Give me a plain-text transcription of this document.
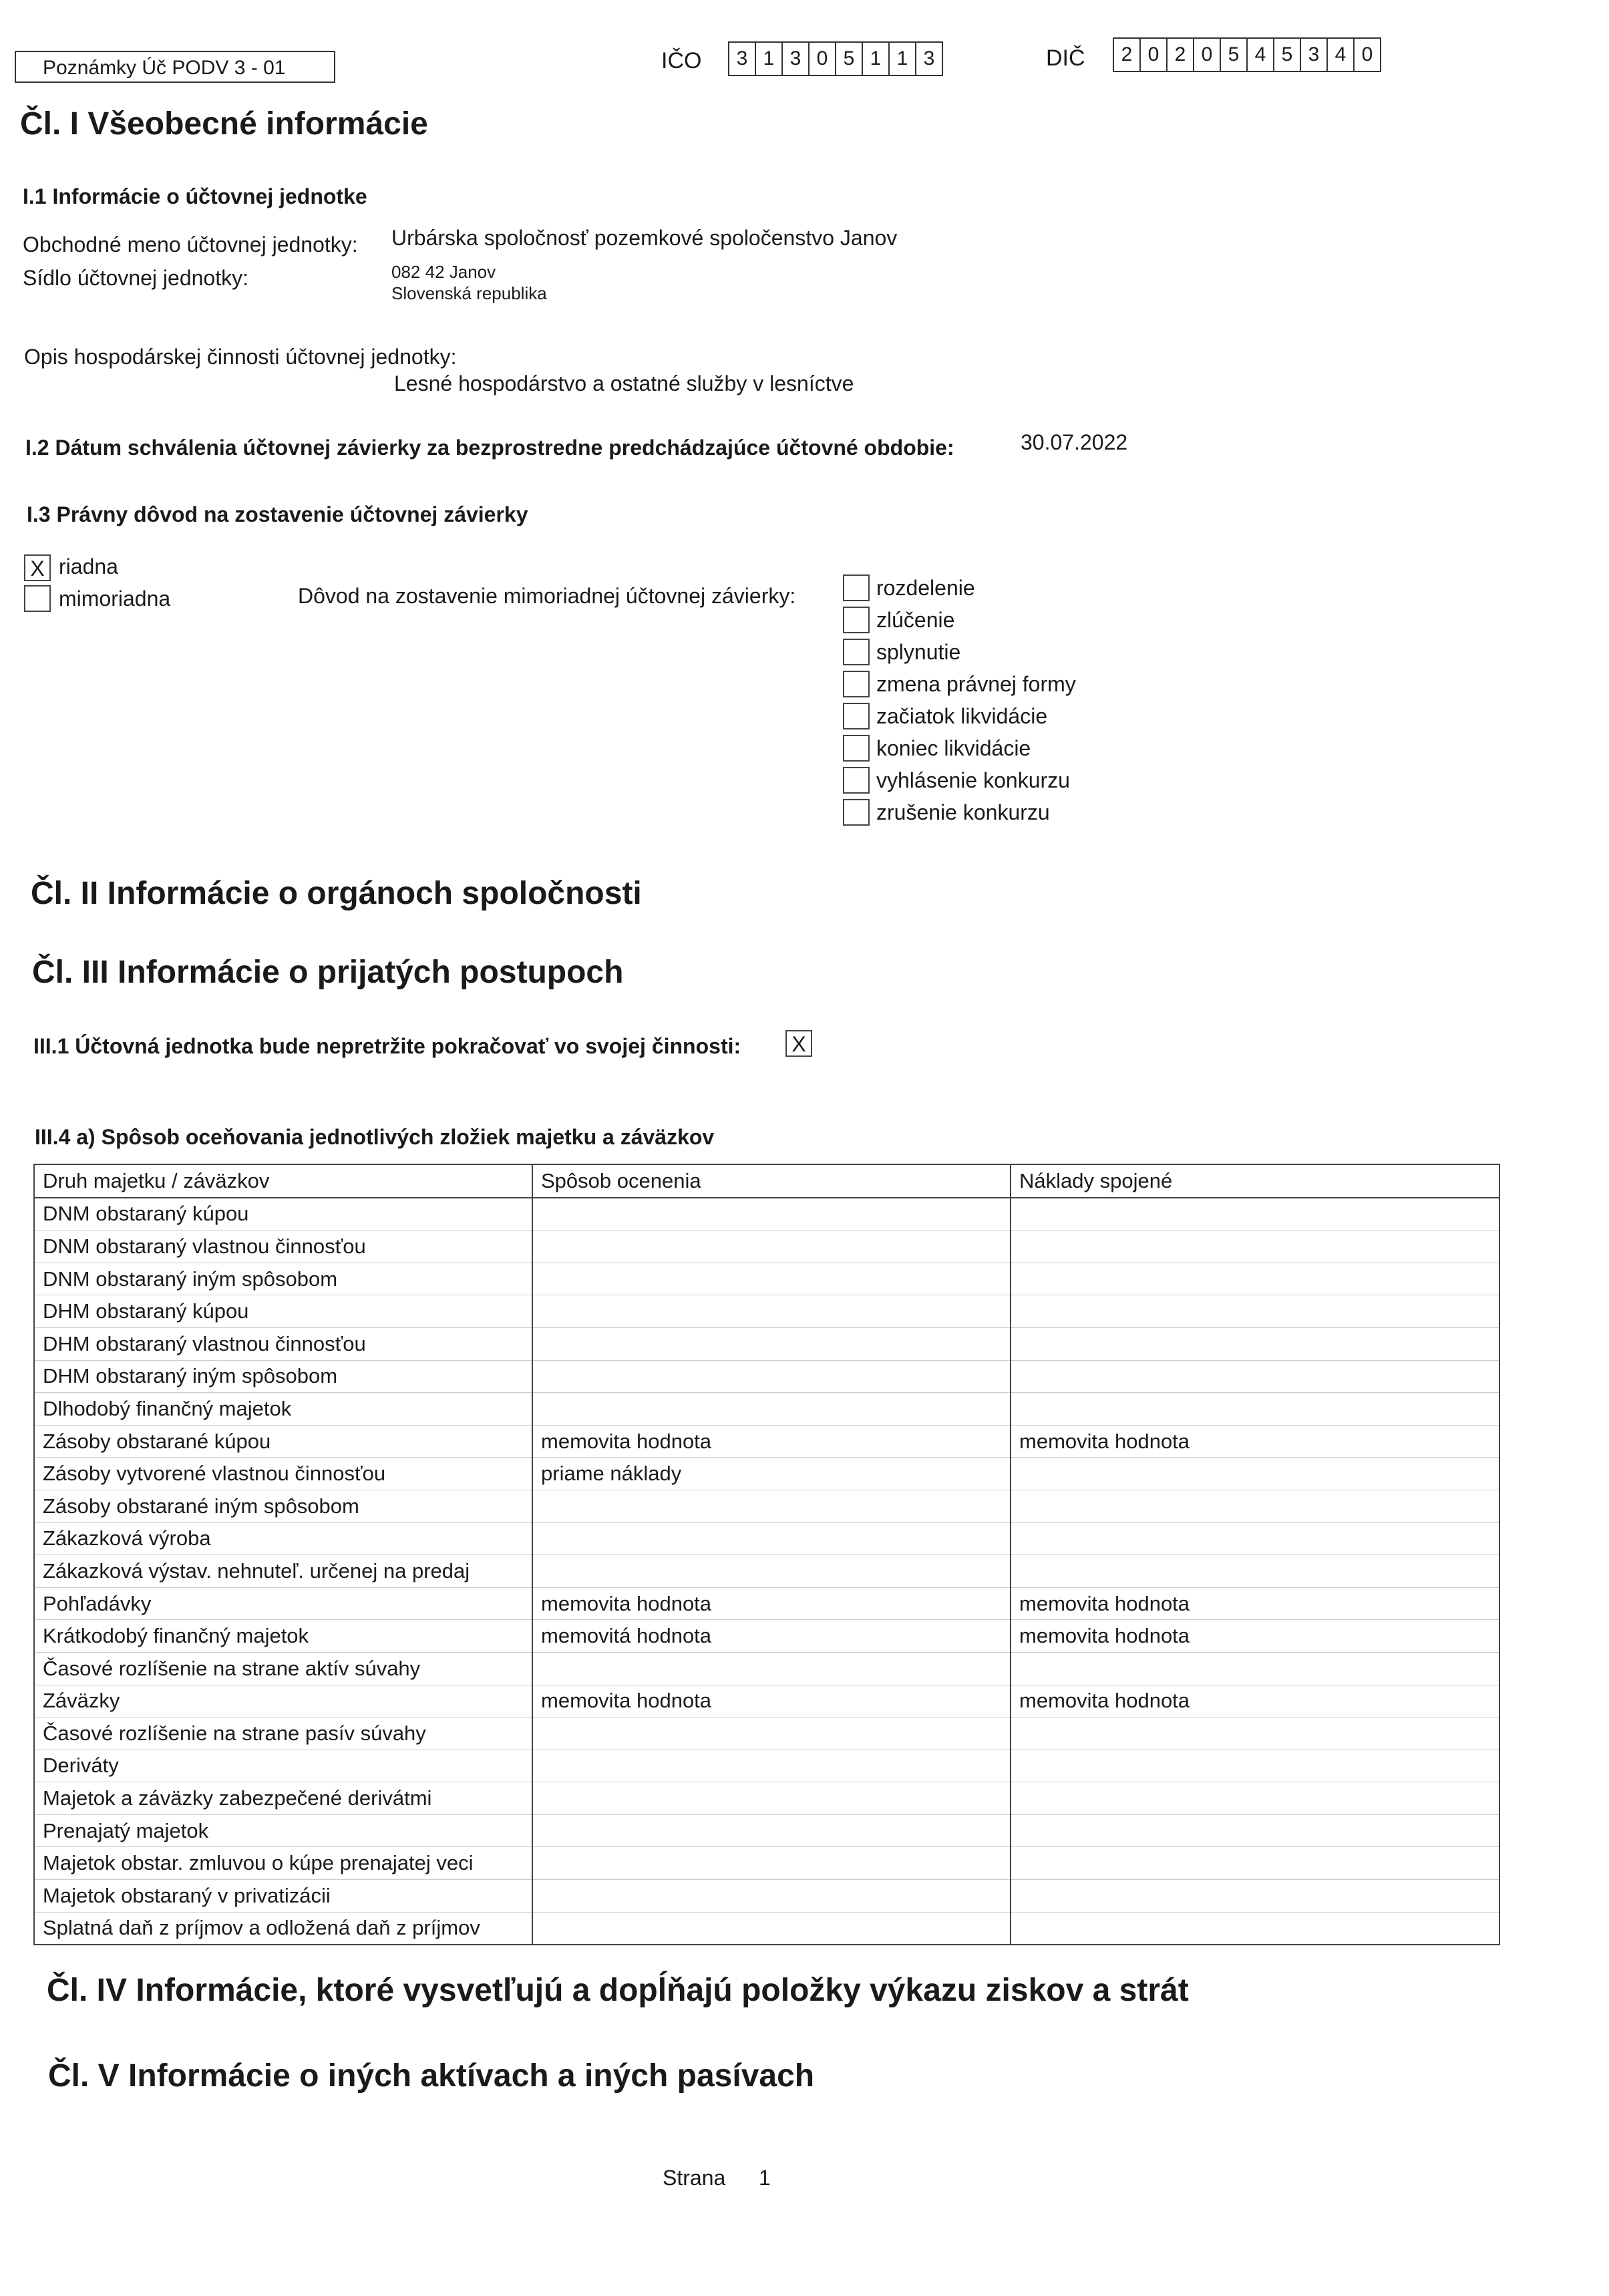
Poznámky Úč PODV 3 - 01	IČO	3 1 3 0 5 1 1 3	DIČ	2 0 2 0 5 4 5 3 4 0
Čl. I Všeobecné informácie
I.1 Informácie o účtovnej jednotke
Obchodné meno účtovnej jednotky: Urbárska spoločnosť pozemkové spoločenstvo Janov
Sídlo účtovnej jednotky:	082 42 Janov
Slovenská republika
Opis hospodárskej činnosti účtovnej jednotky:
Lesné hospodárstvo a ostatné služby v lesníctve
I.2 Dátum schválenia účtovnej závierky za bezprostredne predchádzajúce účtovné obdobie:	30.07.2022
I.3 Právny dôvod na zostavenie účtovnej závierky
X riadna
mimoriadna	Dôvod na zostavenie mimoriadnej účtovnej závierky:	rozdelenie
zlúčenie
splynutie
zmena právnej formy
začiatok likvidácie
koniec likvidácie
vyhlásenie konkurzu
zrušenie konkurzu
Čl. II Informácie o orgánoch spoločnosti
Čl. III Informácie o prijatých postupoch
III.1 Účtovná jednotka bude nepretržite pokračovať vo svojej činnosti: X
III.4 a) Spôsob oceňovania jednotlivých zložiek majetku a záväzkov
Druh majetku / záväzkov	Spôsob ocenenia	Náklady spojené
DNM obstaraný kúpou		
DNM obstaraný vlastnou činnosťou		
DNM obstaraný iným spôsobom		
DHM obstaraný kúpou		
DHM obstaraný vlastnou činnosťou		
DHM obstaraný iným spôsobom		
Dlhodobý finančný majetok		
Zásoby obstarané kúpou	memovita hodnota	memovita hodnota
Zásoby vytvorené vlastnou činnosťou	priame náklady	
Zásoby obstarané iným spôsobom		
Zákazková výroba		
Zákazková výstav. nehnuteľ. určenej na predaj		
Pohľadávky	memovita hodnota	memovita hodnota
Krátkodobý finančný majetok	memovitá hodnota	memovita hodnota
Časové rozlíšenie na strane aktív súvahy		
Záväzky	memovita hodnota	memovita hodnota
Časové rozlíšenie na strane pasív súvahy		
Deriváty		
Majetok a záväzky zabezpečené derivátmi		
Prenajatý majetok		
Majetok obstar. zmluvou o kúpe prenajatej veci		
Majetok obstaraný v privatizácii		
Splatná daň z príjmov a odložená daň z príjmov		
Čl. IV Informácie, ktoré vysvetľujú a dopĺňajú položky výkazu ziskov a strát
Čl. V Informácie o iných aktívach a iných pasívach
Strana 1
